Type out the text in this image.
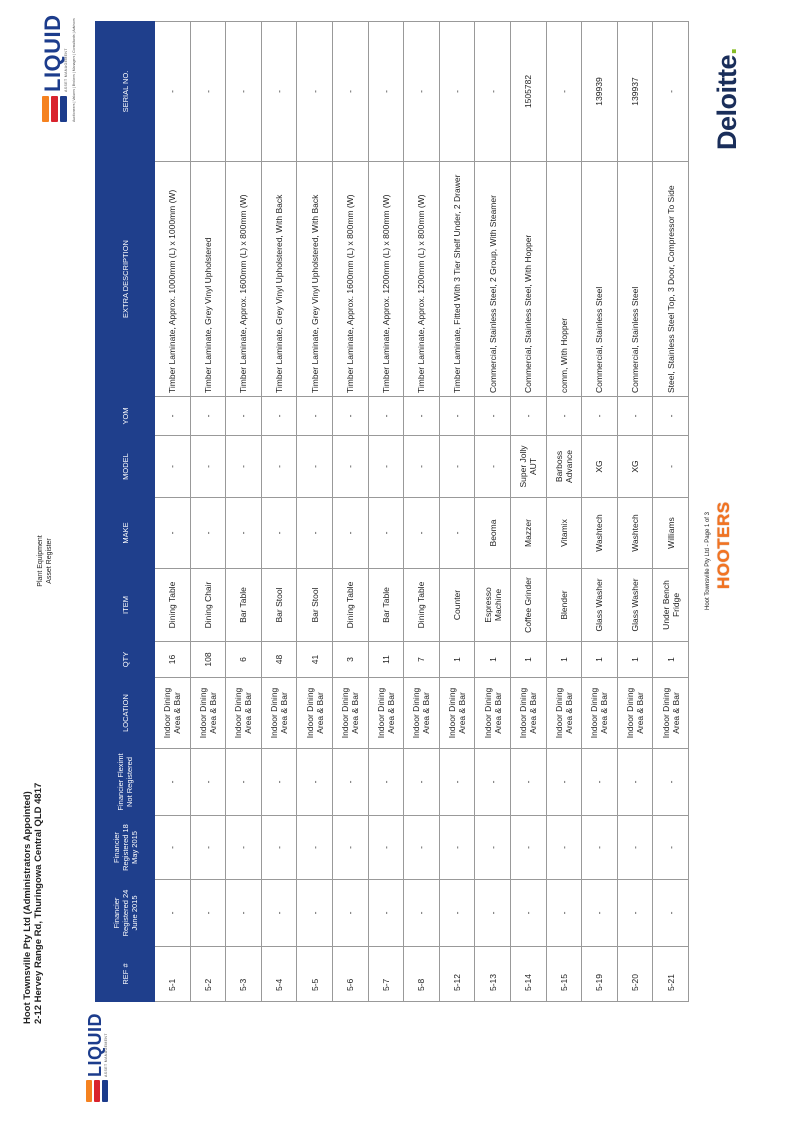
Hoot Townsville Pty Ltd (Administrators Appointed) 2-12 Hervey Range Rd, Thuringowa Central QLD 4817
Plant Equipment Asset Register
LIQUID ASSET MANAGEMENT Auctioneers | Valuers | Brokers | Managers | Consultants | Advisors
LIQUID ASSET MANAGEMENT
REF #	Financier Registered 24 June 2015	Financier Registered 18 May 2015	Financier Fleximt Not Registered	LOCATION	QTY	ITEM	MAKE	MODEL	YOM	EXTRA DESCRIPTION	SERIAL NO.
5-1	-	-	-	Indoor Dining Area & Bar	16	Dining Table	-	-	-	Timber Laminate, Approx. 1000mm (L) x 1000mm (W)	-
5-2	-	-	-	Indoor Dining Area & Bar	108	Dining Chair	-	-	-	Timber Laminate, Grey Vinyl Upholstered	-
5-3	-	-	-	Indoor Dining Area & Bar	6	Bar Table	-	-	-	Timber Laminate, Approx. 1600mm (L) x 800mm (W)	-
5-4	-	-	-	Indoor Dining Area & Bar	48	Bar Stool	-	-	-	Timber Laminate, Grey Vinyl Upholstered, With Back	-
5-5	-	-	-	Indoor Dining Area & Bar	41	Bar Stool	-	-	-	Timber Laminate, Grey Vinyl Upholstered, With Back	-
5-6	-	-	-	Indoor Dining Area & Bar	3	Dining Table	-	-	-	Timber Laminate, Approx. 1600mm (L) x 800mm (W)	-
5-7	-	-	-	Indoor Dining Area & Bar	11	Bar Table	-	-	-	Timber Laminate, Approx. 1200mm (L) x 800mm (W)	-
5-8	-	-	-	Indoor Dining Area & Bar	7	Dining Table	-	-	-	Timber Laminate, Approx. 1200mm (L) x 800mm (W)	-
5-12	-	-	-	Indoor Dining Area & Bar	1	Counter	-	-	-	Timber Laminate, Fitted With 3 Tier Shelf Under, 2 Drawer	-
5-13	-	-	-	Indoor Dining Area & Bar	1	Espresso Machine	Beoma	-	-	Commercial, Stainless Steel, 2 Group, With Steamer	-
5-14	-	-	-	Indoor Dining Area & Bar	1	Coffee Grinder	Mazzer	Super Jolly AUT	-	Commercial, Stainless Steel, With Hopper	1505782
5-15	-	-	-	Indoor Dining Area & Bar	1	Blender	Vitamix	Barboss Advance	-	comm, With Hopper	-
5-19	-	-	-	Indoor Dining Area & Bar	1	Glass Washer	Washtech	XG	-	Commercial, Stainless Steel	139939
5-20	-	-	-	Indoor Dining Area & Bar	1	Glass Washer	Washtech	XG	-	Commercial, Stainless Steel	139937
5-21	-	-	-	Indoor Dining Area & Bar	1	Under Bench Fridge	Williams	-	-	Steel, Stainless Steel Top, 3 Door, Compressor To Side	-
Hoot Townsville Pty Ltd - Page 1 of 3 HOOTERS
Deloitte.
